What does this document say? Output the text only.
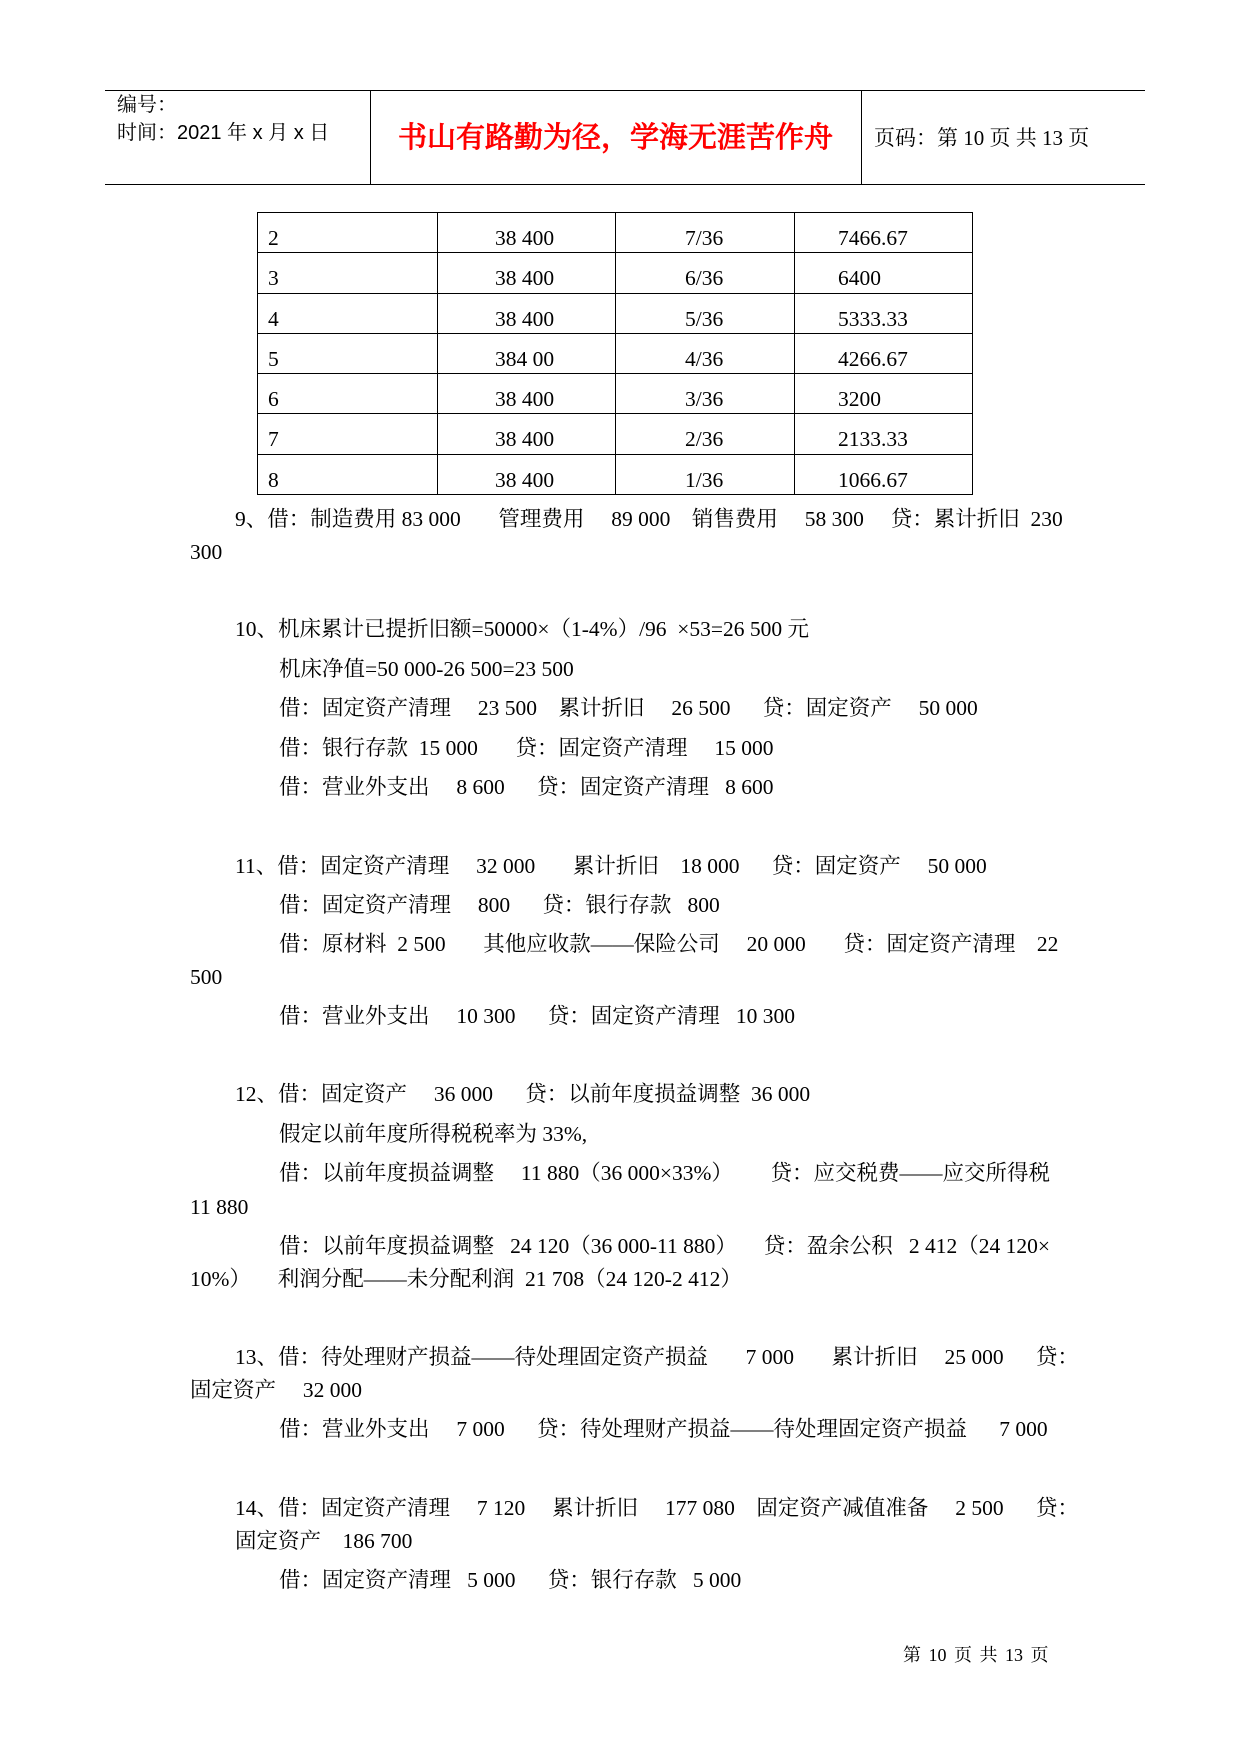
编号：
时间：2021 年 x 月 x 日	书山有路勤为径，学海无涯苦作舟	页码：第 10 页 共 13 页
2	38 400	7/36	7466.67
3	38 400	6/36	6400
4	38 400	5/36	5333.33
5	384 00	4/36	4266.67
6	38 400	3/36	3200
7	38 400	2/36	2133.33
8	38 400	1/36	1066.67
9、借：制造费用 83 000       管理费用     89 000    销售费用     58 300     贷：累计折旧  230
300
10、机床累计已提折旧额=50000×（1-4%）/96  ×53=26 500 元
机床净值=50 000-26 500=23 500
借：固定资产清理     23 500    累计折旧     26 500      贷：固定资产     50 000
借：银行存款  15 000       贷：固定资产清理     15 000
借：营业外支出     8 600      贷：固定资产清理   8 600
11、借：固定资产清理     32 000       累计折旧    18 000      贷：固定资产     50 000
借：固定资产清理     800      贷：银行存款   800
借：原材料  2 500       其他应收款——保险公司     20 000       贷：固定资产清理    22
500
借：营业外支出     10 300      贷：固定资产清理   10 300
12、借：固定资产     36 000      贷：以前年度损益调整  36 000
假定以前年度所得税税率为 33%,
借：以前年度损益调整     11 880（36 000×33%）       贷：应交税费——应交所得税
11 880
借：以前年度损益调整   24 120（36 000-11 880）     贷：盈余公积   2 412（24 120×
10%）     利润分配——未分配利润  21 708（24 120-2 412）
13、借：待处理财产损益——待处理固定资产损益       7 000       累计折旧     25 000      贷：
固定资产     32 000
借：营业外支出     7 000      贷：待处理财产损益——待处理固定资产损益      7 000
14、借：固定资产清理     7 120     累计折旧     177 080    固定资产减值准备     2 500      贷：
固定资产    186 700
借：固定资产清理   5 000      贷：银行存款   5 000
第 10 页 共 13 页
